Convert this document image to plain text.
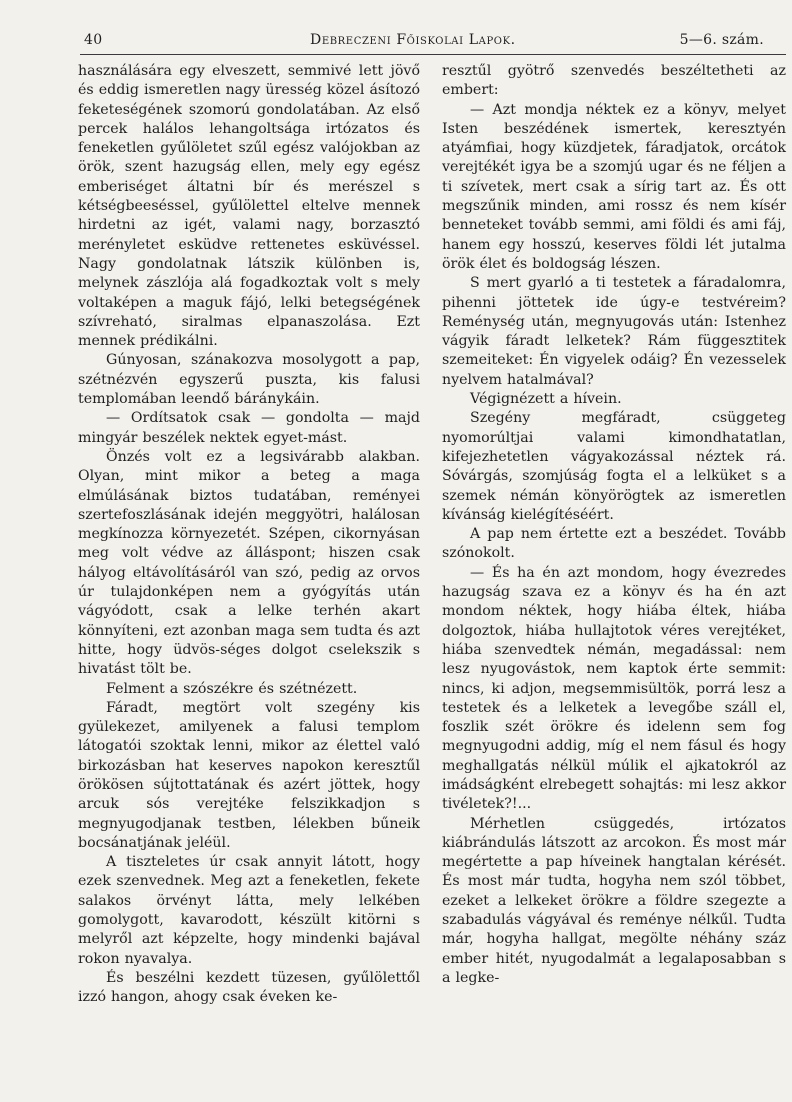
40	Debreczeni Főiskolai Lapok.	5—6. szám.

használására egy elveszett, semmivé lett jövő és eddig ismeretlen nagy üresség közel ásítozó feketeségének szomorú gondolatában. Az első percek halálos lehangoltsága irtózatos és feneketlen gyűlöletet szűl egész valójokban az örök, szent hazugság ellen, mely egy egész emberiséget áltatni bír és merészel s kétségbeeséssel, gyűlölettel eltelve mennek hirdetni az igét, valami nagy, borzasztó merényletet esküdve rettenetes esküvéssel. Nagy gondolatnak látszik különben is, melynek zászlója alá fogadkoztak volt s mely voltaképen a maguk fájó, lelki betegségének szívreható, siralmas elpanaszolása. Ezt mennek prédikálni.

Gúnyosan, szánakozva mosolygott a pap, szétnézvén egyszerű puszta, kis falusi templomában leendő báránykáin.

— Ordítsatok csak — gondolta — majd mingyár beszélek nektek egyet-mást.

Önzés volt ez a legsivárabb alakban. Olyan, mint mikor a beteg a maga elmúlásának biztos tudatában, reményei szertefoszlásának idején meggyötri, halálosan megkínozza környezetét. Szépen, cikornyásan meg volt védve az álláspont; hiszen csak hályog eltávolításáról van szó, pedig az orvos úr tulajdonképen nem a gyógyítás után vágyódott, csak a lelke terhén akart könnyíteni, ezt azonban maga sem tudta és azt hitte, hogy üdvös-séges dolgot cselekszik s hivatást tölt be.

Felment a szószékre és szétnézett.

Fáradt, megtört volt szegény kis gyülekezet, amilyenek a falusi templom látogatói szoktak lenni, mikor az élettel való birkozásban hat keserves napokon keresztűl örökösen sújtottatának és azért jöttek, hogy arcuk sós verejtéke felszikkadjon s megnyugodjanak testben, lélekben bűneik bocsánatjának jeléül.

A tiszteletes úr csak annyit látott, hogy ezek szenvednek. Meg azt a feneketlen, fekete salakos örvényt látta, mely lelkében gomolygott, kavarodott, készült kitörni s melyről azt képzelte, hogy mindenki bajával rokon nyavalya.

És beszélni kezdett tüzesen, gyűlölettől izzó hangon, ahogy csak éveken ke-

resztűl gyötrő szenvedés beszéltetheti az embert:

— Azt mondja néktek ez a könyv, melyet Isten beszédének ismertek, keresztyén atyámfiai, hogy küzdjetek, fáradjatok, orcátok verejtékét igya be a szomjú ugar és ne féljen a ti szívetek, mert csak a sírig tart az. És ott megszűnik minden, ami rossz és nem kísér benneteket tovább semmi, ami földi és ami fáj, hanem egy hosszú, keserves földi lét jutalma örök élet és boldogság lészen.

S mert gyarló a ti testetek a fáradalomra, pihenni jöttetek ide úgy-e testvéreim? Reménység után, megnyugovás után: Istenhez vágyik fáradt lelketek? Rám függesztitek szemeiteket: Én vigyelek odáig? Én vezesselek nyelvem hatalmával?

Végignézett a hívein.

Szegény megfáradt, csüggeteg nyomorúltjai valami kimondhatatlan, kifejezhetetlen vágyakozással néztek rá. Sóvárgás, szomjúság fogta el a lelküket s a szemek némán könyörögtek az ismeretlen kívánság kielégítéséért.

A pap nem értette ezt a beszédet. Tovább szónokolt.

— És ha én azt mondom, hogy évezredes hazugság szava ez a könyv és ha én azt mondom néktek, hogy hiába éltek, hiába dolgoztok, hiába hullajtotok véres verejtéket, hiába szenvedtek némán, megadással: nem lesz nyugovástok, nem kaptok érte semmit: nincs, ki adjon, megsemmisültök, porrá lesz a testetek és a lelketek a levegőbe száll el, foszlik szét örökre és idelenn sem fog megnyugodni addig, míg el nem fásul és hogy meghallgatás nélkül múlik el ajkatokról az imádságként elrebegett sohajtás: mi lesz akkor tivéletek?!...

Mérhetlen csüggedés, irtózatos kiábrándulás látszott az arcokon. És most már megértette a pap híveinek hangtalan kérését. És most már tudta, hogyha nem szól többet, ezeket a lelkeket örökre a földre szegezte a szabadulás vágyával és reménye nélkűl. Tudta már, hogyha hallgat, megölte néhány száz ember hitét, nyugodalmát a legalaposabban s a legke-
